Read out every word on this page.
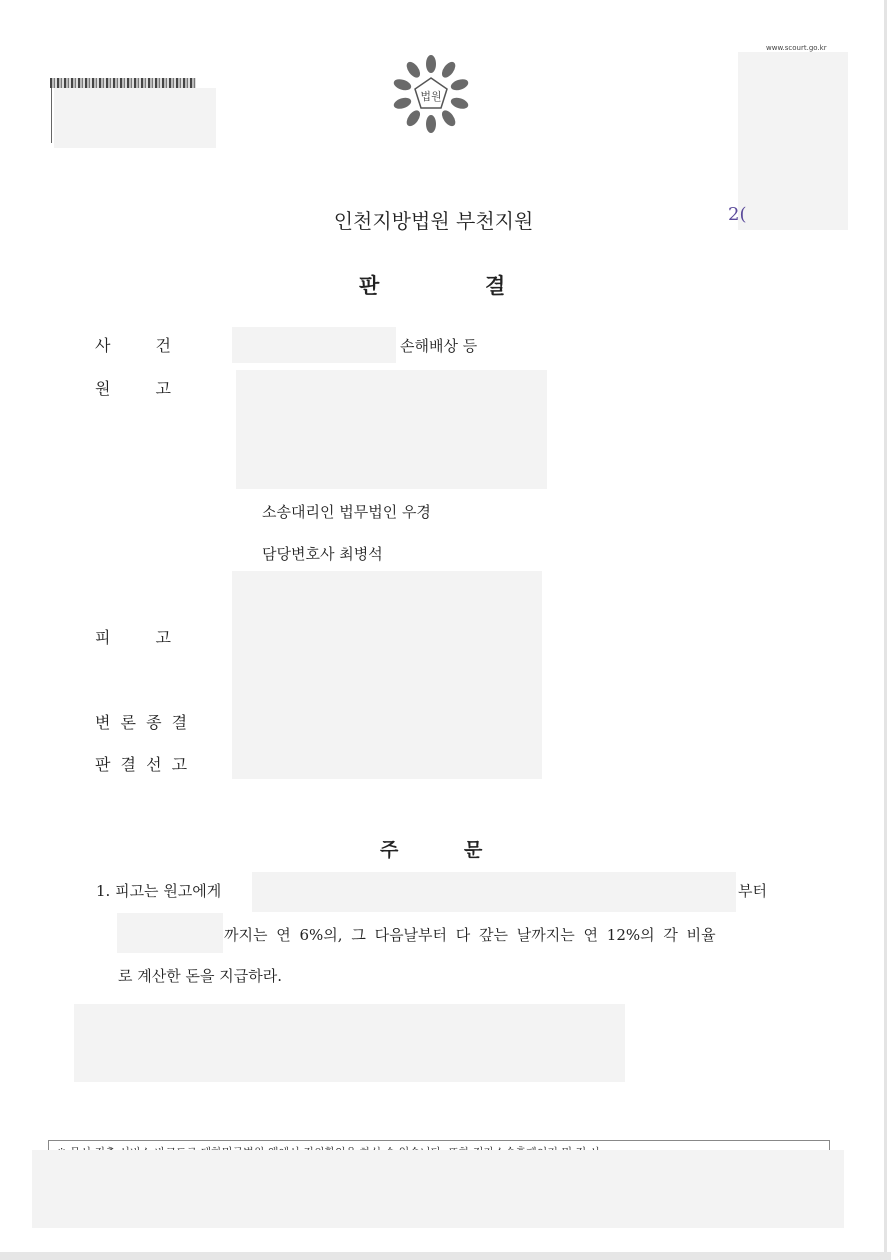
법원
www.scourt.go.kr
2(
인천지방법원 부천지원
판	결
사 건	손해배상 등
원 고
소송대리인 법무법인 우경
담당변호사 최병석
피 고
변 론 종 결
판 결 선 고
주	문
1. 피고는 원고에게	부터
까지는 연 6%의, 그 다음날부터 다 갚는 날까지는 연 12%의 각 비율
로 계산한 돈을 지급하라.
